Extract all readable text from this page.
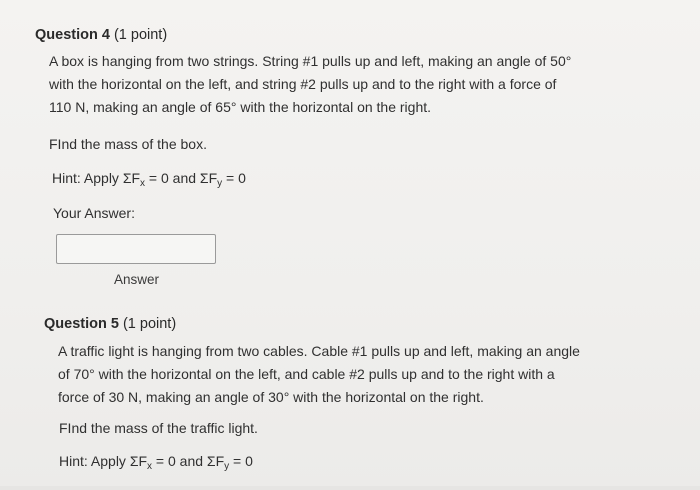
Question 4 (1 point)
A box is hanging from two strings. String #1 pulls up and left, making an angle of 50°
with the horizontal on the left, and string #2 pulls up and to the right with a force of
110 N, making an angle of 65° with the horizontal on the right.
FInd the mass of the box.
Hint: Apply $\Sigma F_x = 0$ and $\Sigma F_y = 0$
Your Answer:
Answer
Question 5 (1 point)
A traffic light is hanging from two cables. Cable #1 pulls up and left, making an angle
of 70° with the horizontal on the left, and cable #2 pulls up and to the right with a
force of 30 N, making an angle of 30° with the horizontal on the right.
FInd the mass of the traffic light.
Hint: Apply $\Sigma F_x = 0$ and $\Sigma F_y = 0$
